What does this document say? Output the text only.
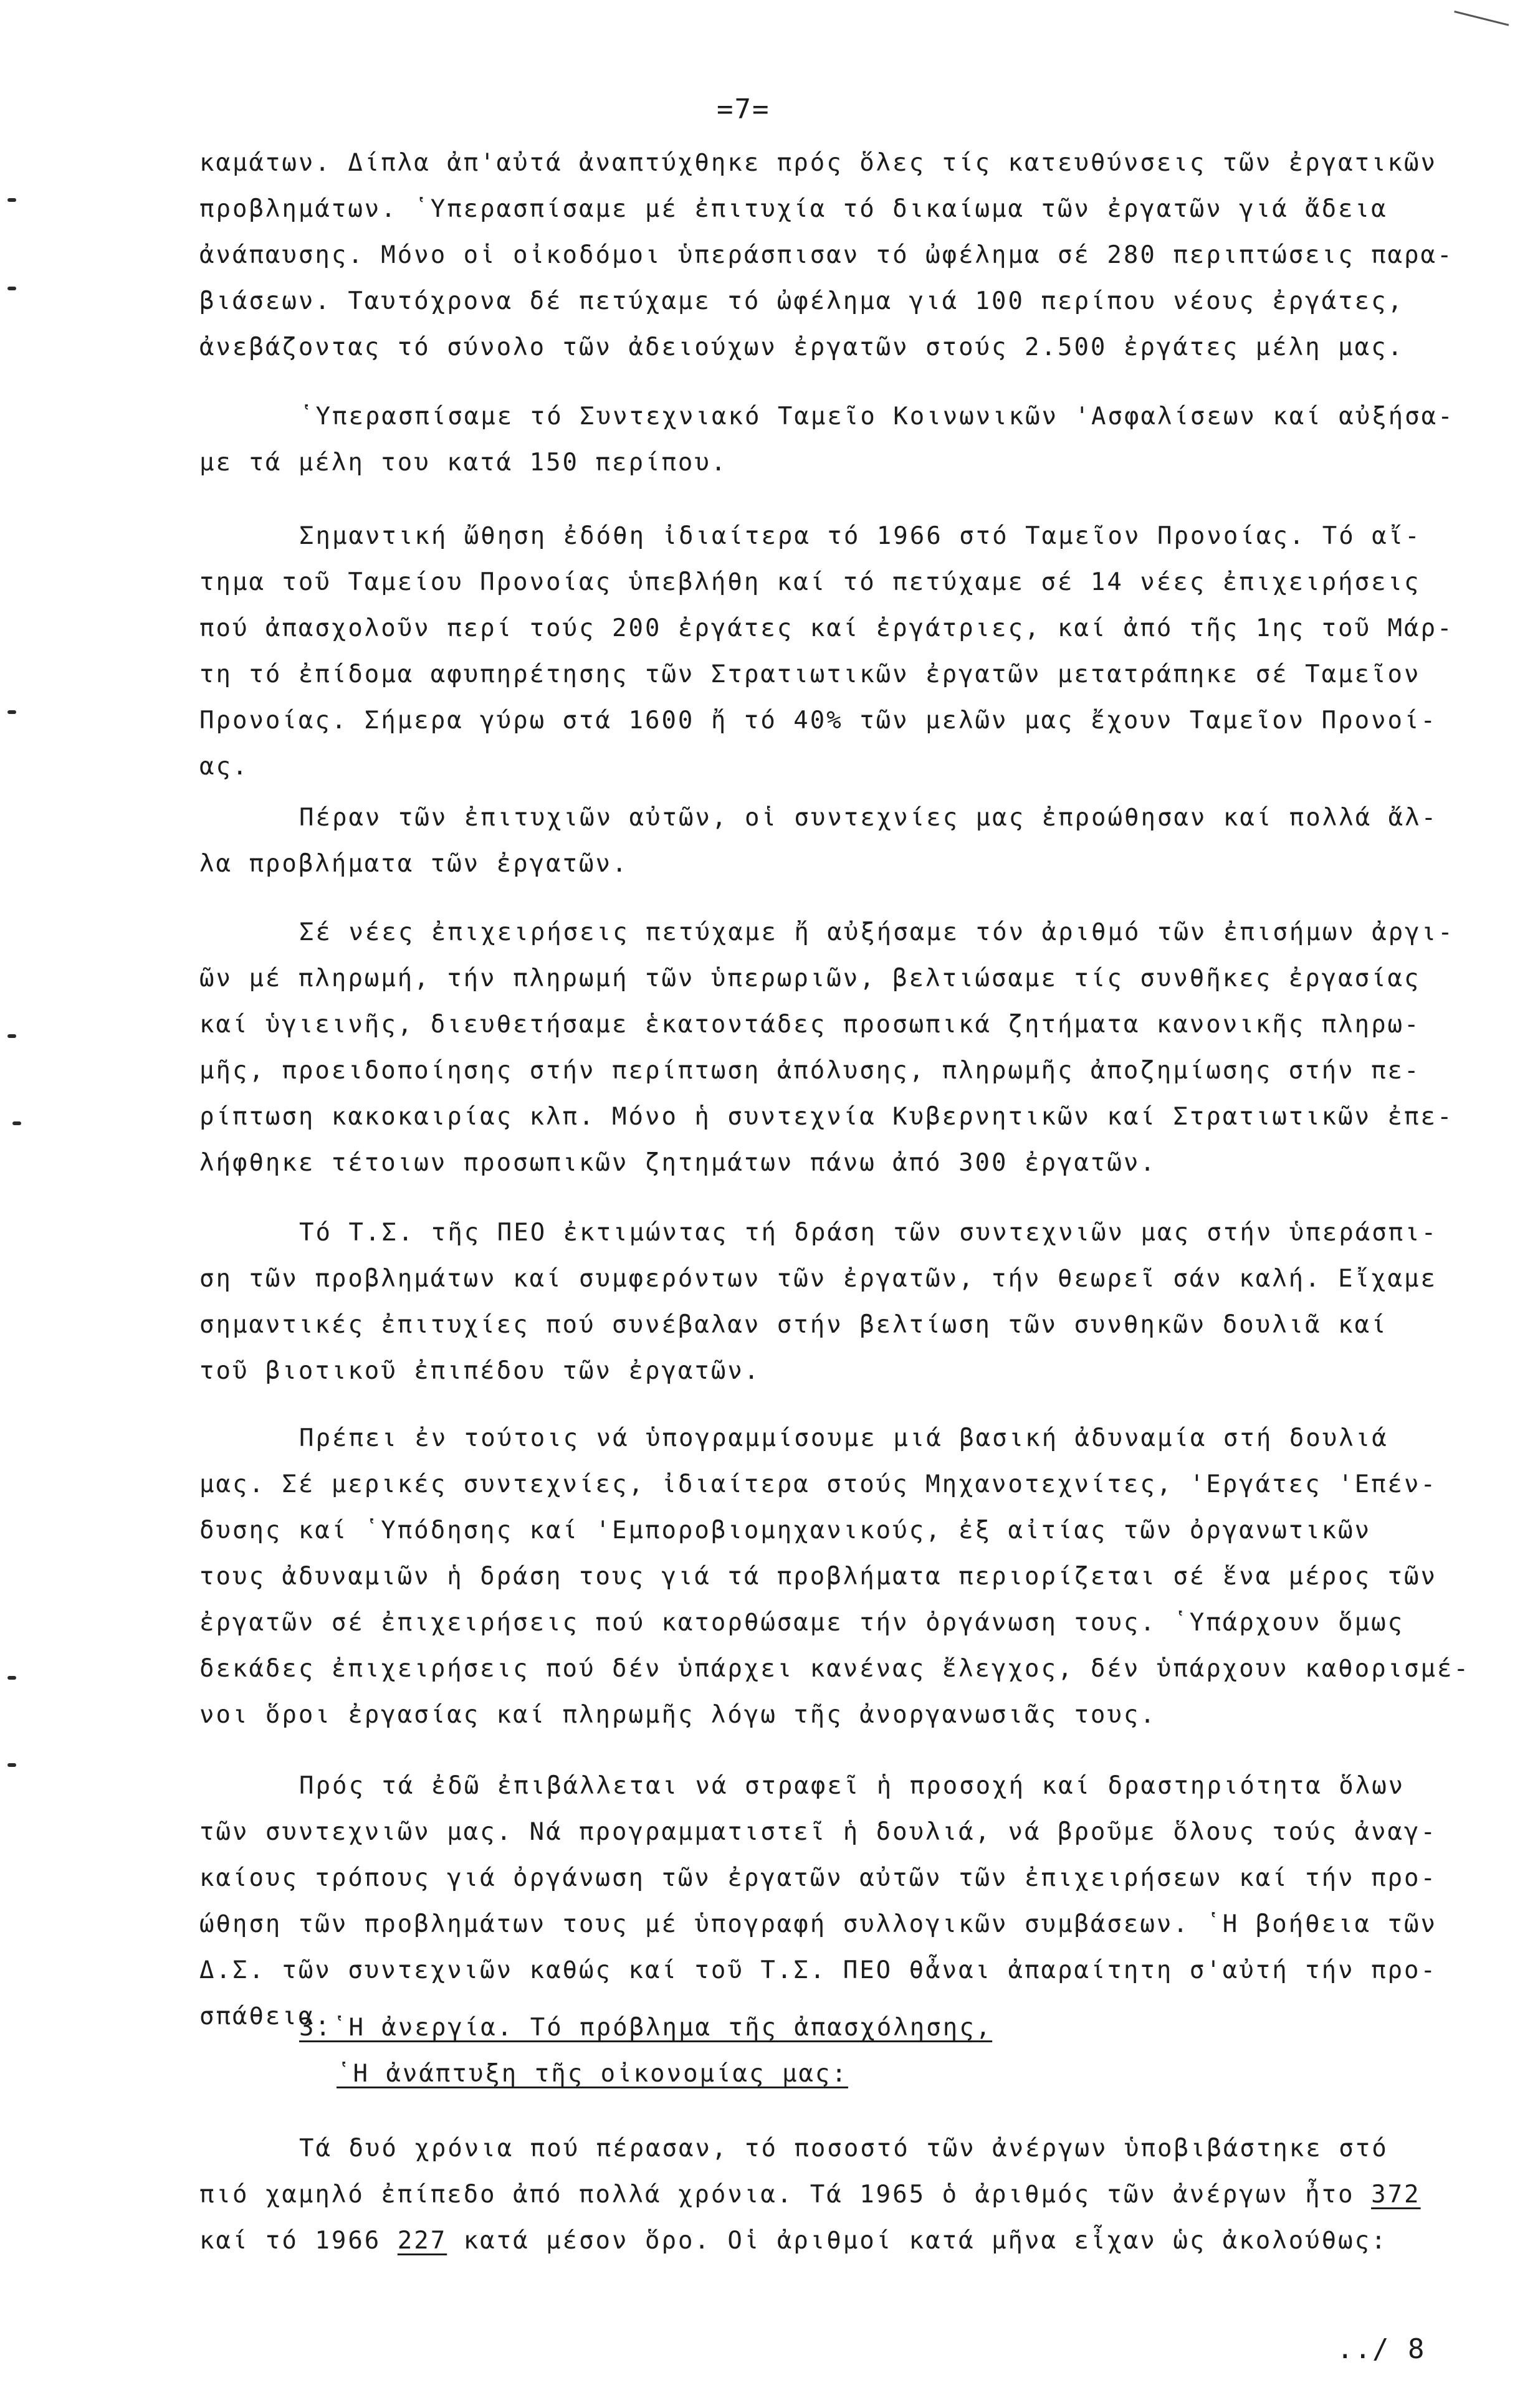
=7=

καμάτων. Δίπλα ἀπ'αὐτά ἀναπτύχθηκε πρός ὅλες τίς κατευθύνσεις τῶν ἐργατικῶν

προβλημάτων. ῾Υπερασπίσαμε μέ ἐπιτυχία τό δικαίωμα τῶν ἐργατῶν γιά ἄδεια

ἀνάπαυσης. Μόνο οἱ οἰκοδόμοι ὑπεράσπισαν τό ὠφέλημα σέ 280 περιπτώσεις παρα-

βιάσεων. Ταυτόχρονα δέ πετύχαμε τό ὠφέλημα γιά 100 περίπου νέους ἐργάτες,

ἀνεβάζοντας τό σύνολο τῶν ἀδειούχων ἐργατῶν στούς 2.500 ἐργάτες μέλη μας.

῾Υπερασπίσαμε τό Συντεχνιακό Ταμεῖο Κοινωνικῶν 'Ασφαλίσεων καί αὐξήσα-

με τά μέλη του κατά 150 περίπου.

Σημαντική ὤθηση ἐδόθη ἰδιαίτερα τό 1966 στό Ταμεῖον Προνοίας. Τό αἴ-

τημα τοῦ Ταμείου Προνοίας ὑπεβλήθη καί τό πετύχαμε σέ 14 νέες ἐπιχειρήσεις

πού ἀπασχολοῦν περί τούς 200 ἐργάτες καί ἐργάτριες, καί ἀπό τῆς 1ης τοῦ Μάρ-

τη τό ἐπίδομα αφυπηρέτησης τῶν Στρατιωτικῶν ἐργατῶν μετατράπηκε σέ Ταμεῖον

Προνοίας. Σήμερα γύρω στά 1600 ἤ τό 40% τῶν μελῶν μας ἔχουν Ταμεῖον Προνοί-

ας.

Πέραν τῶν ἐπιτυχιῶν αὐτῶν, οἱ συντεχνίες μας ἐπροώθησαν καί πολλά ἄλ-

λα προβλήματα τῶν ἐργατῶν.

Σέ νέες ἐπιχειρήσεις πετύχαμε ἤ αὐξήσαμε τόν ἀριθμό τῶν ἐπισήμων ἀργι-

ῶν μέ πληρωμή, τήν πληρωμή τῶν ὑπερωριῶν, βελτιώσαμε τίς συνθῆκες ἐργασίας

καί ὑγιεινῆς, διευθετήσαμε ἑκατοντάδες προσωπικά ζητήματα κανονικῆς πληρω-

μῆς, προειδοποίησης στήν περίπτωση ἀπόλυσης, πληρωμῆς ἀποζημίωσης στήν πε-

ρίπτωση κακοκαιρίας κλπ. Μόνο ἡ συντεχνία Κυβερνητικῶν καί Στρατιωτικῶν ἐπε-

λήφθηκε τέτοιων προσωπικῶν ζητημάτων πάνω ἀπό 300 ἐργατῶν.

Τό Τ.Σ. τῆς ΠΕΟ ἐκτιμώντας τή δράση τῶν συντεχνιῶν μας στήν ὑπεράσπι-

ση τῶν προβλημάτων καί συμφερόντων τῶν ἐργατῶν, τήν θεωρεῖ σάν καλή. Εἴχαμε

σημαντικές ἐπιτυχίες πού συνέβαλαν στήν βελτίωση τῶν συνθηκῶν δουλιᾶ καί

τοῦ βιοτικοῦ ἐπιπέδου τῶν ἐργατῶν.

Πρέπει ἐν τούτοις νά ὑπογραμμίσουμε μιά βασική ἀδυναμία στή δουλιά

μας. Σέ μερικές συντεχνίες, ἰδιαίτερα στούς Μηχανοτεχνίτες, 'Εργάτες 'Επέν-

δυσης καί ῾Υπόδησης καί 'Εμποροβιομηχανικούς, ἐξ αἰτίας τῶν ὀργανωτικῶν

τους ἀδυναμιῶν ἡ δράση τους γιά τά προβλήματα περιορίζεται σέ ἕνα μέρος τῶν

ἐργατῶν σέ ἐπιχειρήσεις πού κατορθώσαμε τήν ὀργάνωση τους. ῾Υπάρχουν ὅμως

δεκάδες ἐπιχειρήσεις πού δέν ὑπάρχει κανένας ἔλεγχος, δέν ὑπάρχουν καθορισμέ-

νοι ὅροι ἐργασίας καί πληρωμῆς λόγω τῆς ἀνοργανωσιᾶς τους.

Πρός τά ἐδῶ ἐπιβάλλεται νά στραφεῖ ἡ προσοχή καί δραστηριότητα ὅλων

τῶν συντεχνιῶν μας. Νά προγραμματιστεῖ ἡ δουλιά, νά βροῦμε ὅλους τούς ἀναγ-

καίους τρόπους γιά ὀργάνωση τῶν ἐργατῶν αὐτῶν τῶν ἐπιχειρήσεων καί τήν προ-

ώθηση τῶν προβλημάτων τους μέ ὑπογραφή συλλογικῶν συμβάσεων. ῾Η βοήθεια τῶν

Δ.Σ. τῶν συντεχνιῶν καθώς καί τοῦ Τ.Σ. ΠΕΟ θἆναι ἀπαραίτητη σ'αὐτή τήν προ-

σπάθεια.

Τά δυό χρόνια πού πέρασαν, τό ποσοστό τῶν ἀνέργων ὑποβιβάστηκε στό

πιό χαμηλό ἐπίπεδο ἀπό πολλά χρόνια. Τά 1965 ὁ ἀριθμός τῶν ἀνέργων ἦτο 372

καί τό 1966 227 κατά μέσον ὅρο. Οἱ ἀριθμοί κατά μῆνα εἶχαν ὡς ἀκολούθως:

3.῾Η ἀνεργία. Τό πρόβλημα τῆς ἀπασχόλησης,

῾Η ἀνάπτυξη τῆς οἰκονομίας μας:

../ 8
